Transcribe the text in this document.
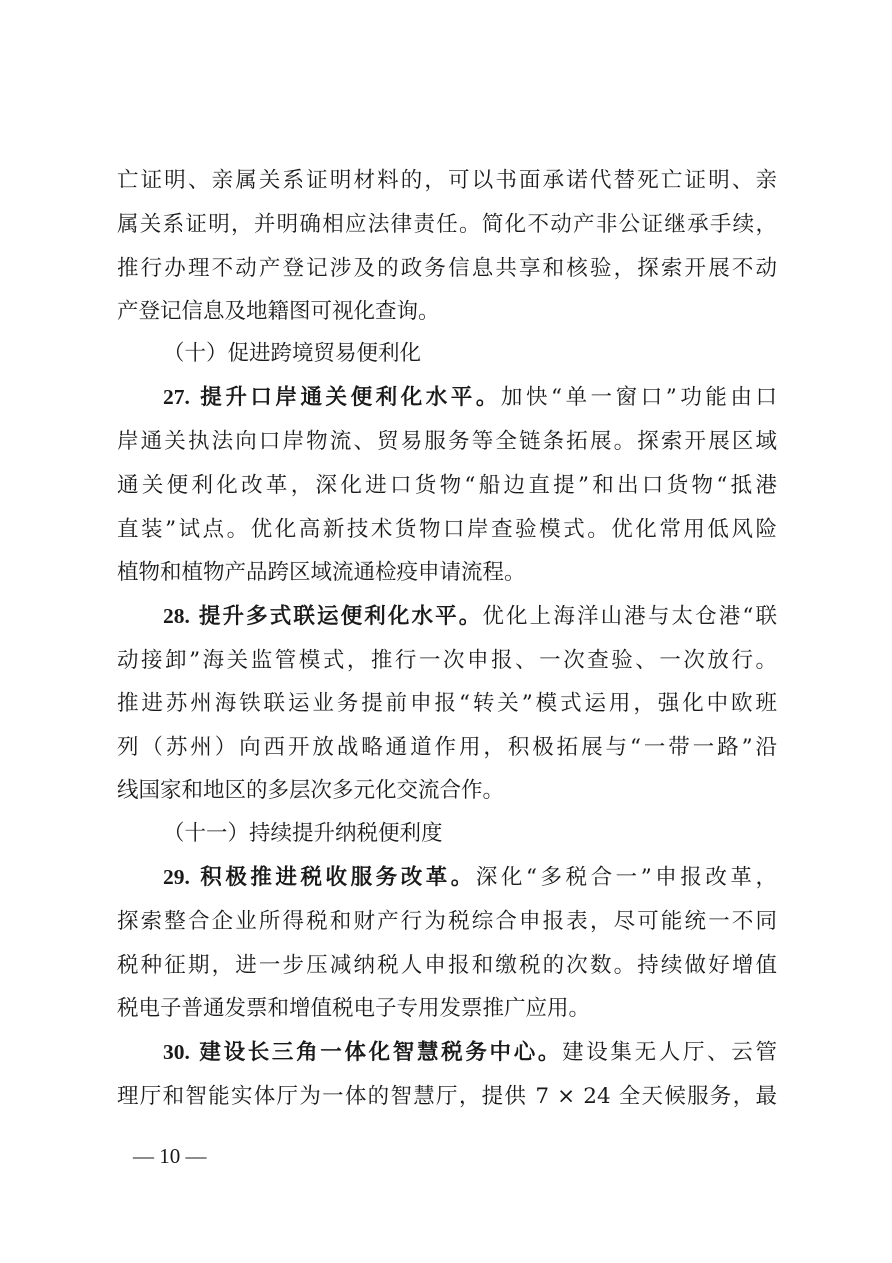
亡证明、亲属关系证明材料的，可以书面承诺代替死亡证明、亲
属关系证明，并明确相应法律责任。简化不动产非公证继承手续，
推行办理不动产登记涉及的政务信息共享和核验，探索开展不动
产登记信息及地籍图可视化查询。
（十）促进跨境贸易便利化
27. 提升口岸通关便利化水平。加快“单一窗口”功能由口
岸通关执法向口岸物流、贸易服务等全链条拓展。探索开展区域
通关便利化改革，深化进口货物“船边直提”和出口货物“抵港
直装”试点。优化高新技术货物口岸查验模式。优化常用低风险
植物和植物产品跨区域流通检疫申请流程。
28. 提升多式联运便利化水平。优化上海洋山港与太仓港“联
动接卸”海关监管模式，推行一次申报、一次查验、一次放行。
推进苏州海铁联运业务提前申报“转关”模式运用，强化中欧班
列（苏州）向西开放战略通道作用，积极拓展与“一带一路”沿
线国家和地区的多层次多元化交流合作。
（十一）持续提升纳税便利度
29. 积极推进税收服务改革。深化“多税合一”申报改革，
探索整合企业所得税和财产行为税综合申报表，尽可能统一不同
税种征期，进一步压减纳税人申报和缴税的次数。持续做好增值
税电子普通发票和增值税电子专用发票推广应用。
30. 建设长三角一体化智慧税务中心。建设集无人厅、云管
理厅和智能实体厅为一体的智慧厅，提供 7 × 24 全天候服务，最
— 10 —
